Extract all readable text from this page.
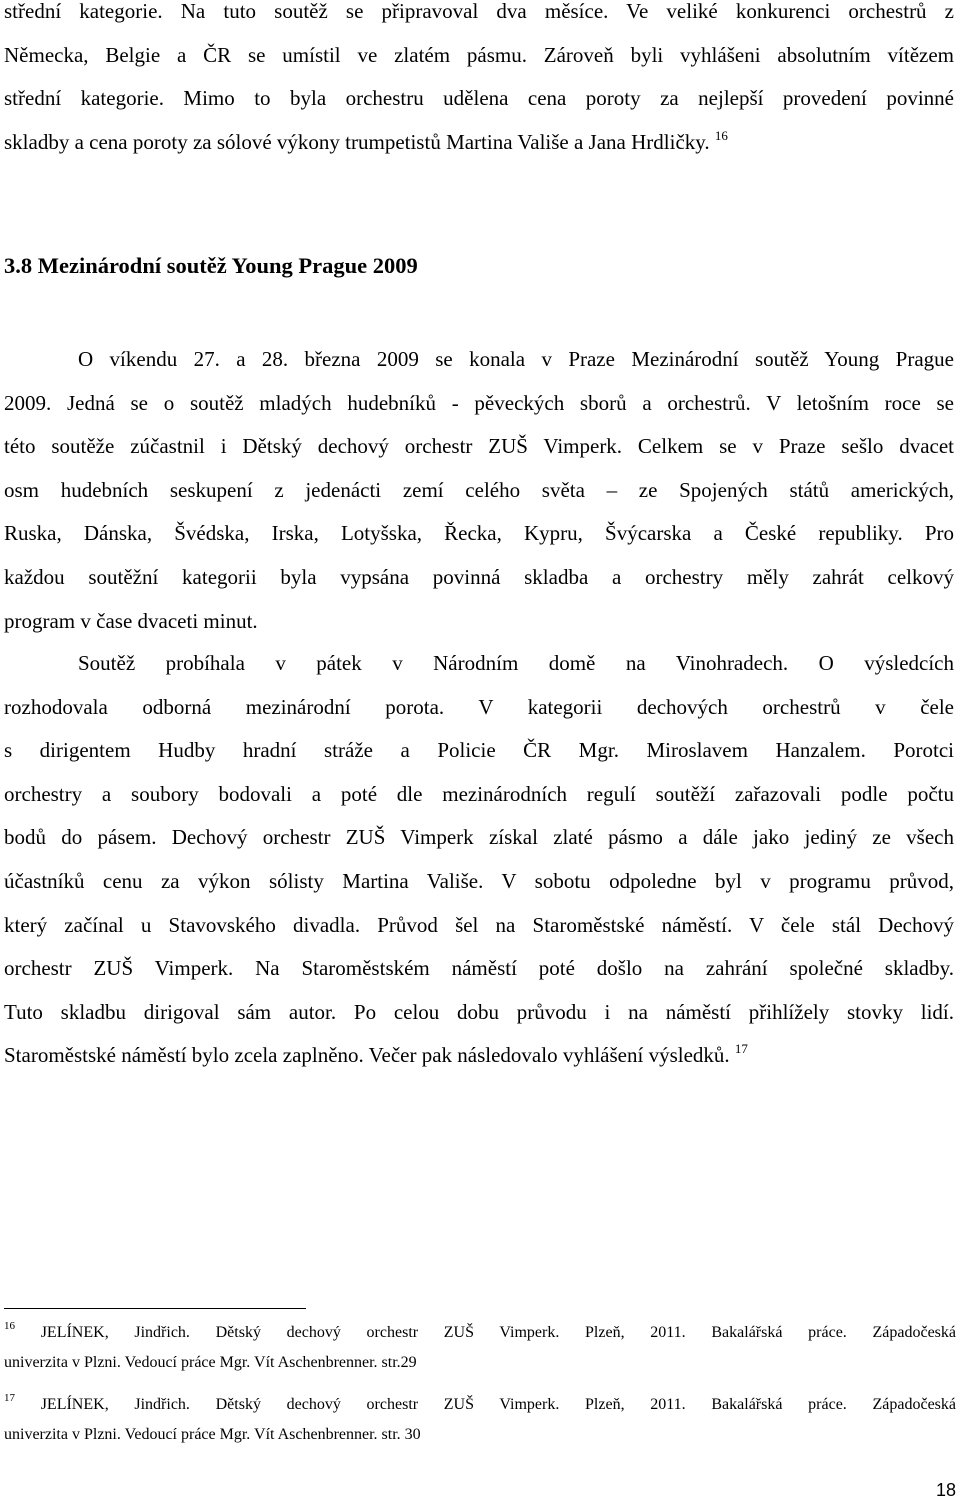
střední kategorie. Na tuto soutěž se připravoval dva měsíce. Ve veliké konkurenci orchestrů z
Německa, Belgie a ČR se umístil ve zlatém pásmu. Zároveň byli vyhlášeni absolutním vítězem
střední kategorie. Mimo to byla orchestru udělena cena poroty za nejlepší provedení povinné
skladby a cena poroty za sólové výkony trumpetistů Martina Vališe a Jana Hrdličky. $^{16}$

3.8 Mezinárodní soutěž Young Prague 2009

O víkendu 27. a 28. března 2009 se konala v Praze Mezinárodní soutěž Young Prague
2009. Jedná se o soutěž mladých hudebníků - pěveckých sborů a orchestrů. V letošním roce se
této soutěže zúčastnil i Dětský dechový orchestr ZUŠ Vimperk. Celkem se v Praze sešlo dvacet
osm hudebních seskupení z jedenácti zemí celého světa – ze Spojených států amerických,
Ruska, Dánska, Švédska, Irska, Lotyšska, Řecka, Kypru, Švýcarska a České republiky. Pro
každou soutěžní kategorii byla vypsána povinná skladba a orchestry měly zahrát celkový
program v čase dvaceti minut.

Soutěž probíhala v pátek v Národním domě na Vinohradech. O výsledcích
rozhodovala odborná mezinárodní porota. V kategorii dechových orchestrů v čele
s dirigentem Hudby hradní stráže a Policie ČR Mgr. Miroslavem Hanzalem. Porotci
orchestry a soubory bodovali a poté dle mezinárodních regulí soutěží zařazovali podle počtu
bodů do pásem. Dechový orchestr ZUŠ Vimperk získal zlaté pásmo a dále jako jediný ze všech
účastníků cenu za výkon sólisty Martina Vališe. V sobotu odpoledne byl v programu průvod,
který začínal u Stavovského divadla. Průvod šel na Staroměstské náměstí. V čele stál Dechový
orchestr ZUŠ Vimperk. Na Staroměstském náměstí poté došlo na zahrání společné skladby.
Tuto skladbu dirigoval sám autor. Po celou dobu průvodu i na náměstí přihlížely stovky lidí.
Staroměstské náměstí bylo zcela zaplněno. Večer pak následovalo vyhlášení výsledků. $^{17}$

$^{16}$ JELÍNEK, Jindřich. Dětský dechový orchestr ZUŠ Vimperk. Plzeň, 2011. Bakalářská práce. Západočeská
univerzita v Plzni. Vedoucí práce Mgr. Vít Aschenbrenner. str.29

$^{17}$ JELÍNEK, Jindřich. Dětský dechový orchestr ZUŠ Vimperk. Plzeň, 2011. Bakalářská práce. Západočeská
univerzita v Plzni. Vedoucí práce Mgr. Vít Aschenbrenner. str. 30

18
